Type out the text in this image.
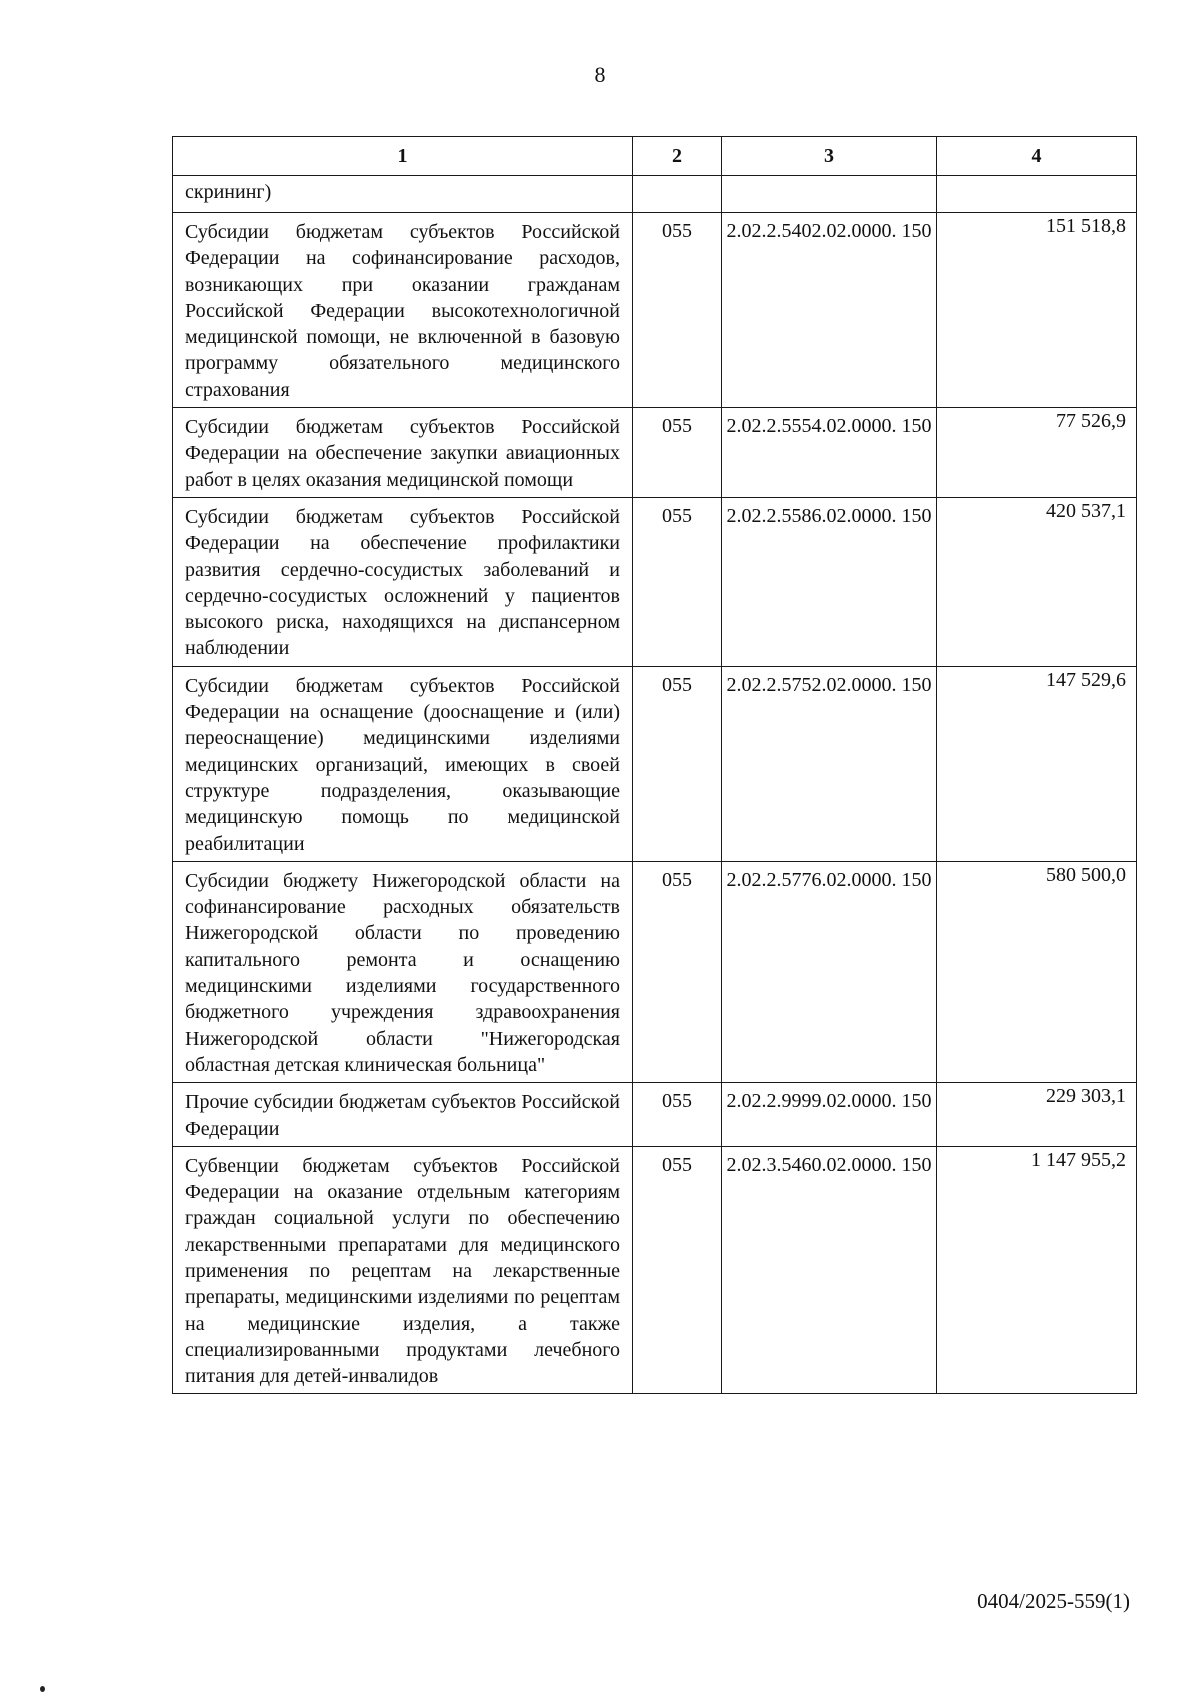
8
1	2	3	4
скрининг)			
Субсидии бюджетам субъектов Российской Федерации на софинансирование расходов, возникающих при оказании гражданам Российской Федерации высокотехнологичной медицинской помощи, не включенной в базовую программу обязательного медицинского страхования	055	2.02.2.5402.02.0000. 150	151 518,8
Субсидии бюджетам субъектов Российской Федерации на обеспечение закупки авиационных работ в целях оказания медицинской помощи	055	2.02.2.5554.02.0000. 150	77 526,9
Субсидии бюджетам субъектов Российской Федерации на обеспечение профилактики развития сердечно-сосудистых заболеваний и сердечно-сосудистых осложнений у пациентов высокого риска, находящихся на диспансерном наблюдении	055	2.02.2.5586.02.0000. 150	420 537,1
Субсидии бюджетам субъектов Российской Федерации на оснащение (дооснащение и (или) переоснащение) медицинскими изделиями медицинских организаций, имеющих в своей структуре подразделения, оказывающие медицинскую помощь по медицинской реабилитации	055	2.02.2.5752.02.0000. 150	147 529,6
Субсидии бюджету Нижегородской области на софинансирование расходных обязательств Нижегородской области по проведению капитального ремонта и оснащению медицинскими изделиями государственного бюджетного учреждения здравоохранения Нижегородской области "Нижегородская областная детская клиническая больница"	055	2.02.2.5776.02.0000. 150	580 500,0
Прочие субсидии бюджетам субъектов Российской Федерации	055	2.02.2.9999.02.0000. 150	229 303,1
Субвенции бюджетам субъектов Российской Федерации на оказание отдельным категориям граждан социальной услуги по обеспечению лекарственными препаратами для медицинского применения по рецептам на лекарственные препараты, медицинскими изделиями по рецептам на медицинские изделия, а также специализированными продуктами лечебного питания для детей-инвалидов	055	2.02.3.5460.02.0000. 150	1 147 955,2
0404/2025-559(1)
